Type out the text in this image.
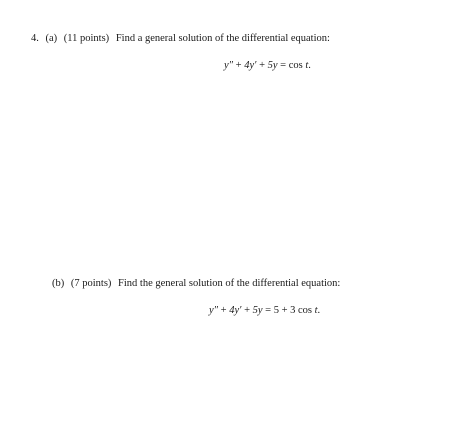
4. (a) (11 points) Find a general solution of the differential equation:
y″ + 4y′ + 5y = cos t.
(b) (7 points) Find the general solution of the differential equation:
y″ + 4y′ + 5y = 5 + 3 cos t.
